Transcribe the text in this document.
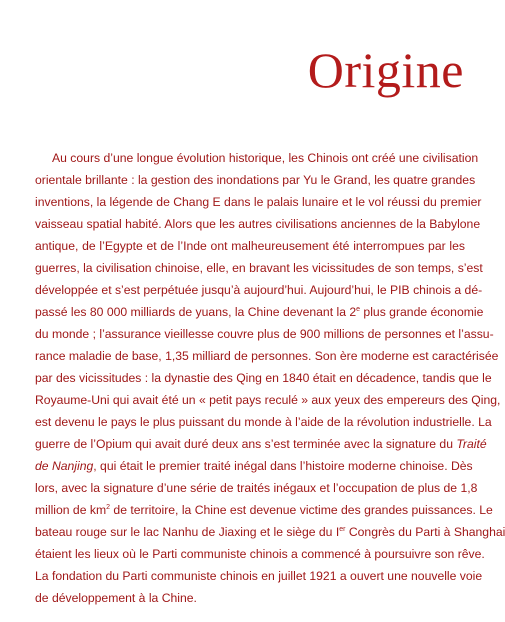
Origine
Au cours d’une longue évolution historique, les Chinois ont créé une civilisation
orientale brillante : la gestion des inondations par Yu le Grand, les quatre grandes
inventions, la légende de Chang E dans le palais lunaire et le vol réussi du premier
vaisseau spatial habité. Alors que les autres civilisations anciennes de la Babylone
antique, de l’Egypte et de l’Inde ont malheureusement été interrompues par les
guerres, la civilisation chinoise, elle, en bravant les vicissitudes de son temps, s’est
développée et s’est perpétuée jusqu’à aujourd’hui. Aujourd’hui, le PIB chinois a dé-
passé les 80 000 milliards de yuans, la Chine devenant la 2e plus grande économie
du monde ; l’assurance vieillesse couvre plus de 900 millions de personnes et l’assu-
rance maladie de base, 1,35 milliard de personnes. Son ère moderne est caractérisée
par des vicissitudes : la dynastie des Qing en 1840 était en décadence, tandis que le
Royaume-Uni qui avait été un « petit pays reculé » aux yeux des empereurs des Qing,
est devenu le pays le plus puissant du monde à l’aide de la révolution industrielle. La
guerre de l’Opium qui avait duré deux ans s’est terminée avec la signature du Traité
de Nanjing, qui était le premier traité inégal dans l’histoire moderne chinoise. Dès
lors, avec la signature d’une série de traités inégaux et l’occupation de plus de 1,8
million de $km^2$ de territoire, la Chine est devenue victime des grandes puissances. Le
bateau rouge sur le lac Nanhu de Jiaxing et le siège du Ier Congrès du Parti à Shanghai
étaient les lieux où le Parti communiste chinois a commencé à poursuivre son rêve.
La fondation du Parti communiste chinois en juillet 1921 a ouvert une nouvelle voie
de développement à la Chine.
